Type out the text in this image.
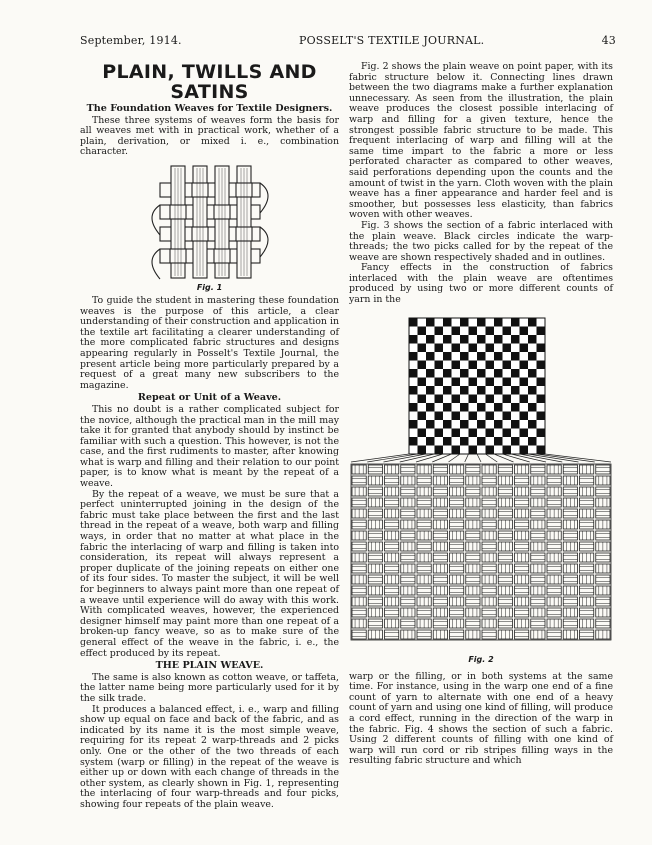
September, 1914.	POSSELT'S TEXTILE JOURNAL.	43
PLAIN, TWILLS AND SATINS
The Foundation Weaves for Textile Designers.

These three systems of weaves form the basis for all weaves met with in practical work, whether of a plain, derivation, or mixed i. e., combination character.

Fig. 1

To guide the student in mastering these foundation weaves is the purpose of this article, a clear understanding of their construction and application in the textile art facilitating a clearer understanding of the more complicated fabric structures and designs appearing regularly in Posselt's Textile Journal, the present article being more particularly prepared by a request of a great many new subscribers to the magazine.

Repeat or Unit of a Weave.

This no doubt is a rather complicated subject for the novice, although the practical man in the mill may take it for granted that anybody should by instinct be familiar with such a question. This however, is not the case, and the first rudiments to master, after knowing what is warp and filling and their relation to our point paper, is to know what is meant by the repeat of a weave.

By the repeat of a weave, we must be sure that a perfect uninterrupted joining in the design of the fabric must take place between the first and the last thread in the repeat of a weave, both warp and filling ways, in order that no matter at what place in the fabric the interlacing of warp and filling is taken into consideration, its repeat will always represent a proper duplicate of the joining repeats on either one of its four sides. To master the subject, it will be well for beginners to always paint more than one repeat of a weave until experience will do away with this work. With complicated weaves, however, the experienced designer himself may paint more than one repeat of a broken-up fancy weave, so as to make sure of the general effect of the weave in the fabric, i. e., the effect produced by its repeat.

THE PLAIN WEAVE.

The same is also known as cotton weave, or taffeta, the latter name being more particularly used for it by the silk trade.

It produces a balanced effect, i. e., warp and filling show up equal on face and back of the fabric, and as indicated by its name it is the most simple weave, requiring for its repeat 2 warp-threads and 2 picks only. One or the other of the two threads of each system (warp or filling) in the repeat of the weave is either up or down with each change of threads in the other system, as clearly shown in Fig. 1, representing the interlacing of four warp-threads and four picks, showing four repeats of the plain weave.

Fig. 2 shows the plain weave on point paper, with its fabric structure below it. Connecting lines drawn between the two diagrams make a further explanation unnecessary. As seen from the illustration, the plain weave produces the closest possible interlacing of warp and filling for a given texture, hence the strongest possible fabric structure to be made. This frequent interlacing of warp and filling will at the same time impart to the fabric a more or less perforated character as compared to other weaves, said perforations depending upon the counts and the amount of twist in the yarn. Cloth woven with the plain weave has a finer appearance and harder feel and is smoother, but possesses less elasticity, than fabrics woven with other weaves.

Fig. 3 shows the section of a fabric interlaced with the plain weave. Black circles indicate the warp-threads; the two picks called for by the repeat of the weave are shown respectively shaded and in outlines.

Fancy effects in the construction of fabrics interlaced with the plain weave are oftentimes produced by using two or more different counts of yarn in the

Fig. 2

warp or the filling, or in both systems at the same time. For instance, using in the warp one end of a fine count of yarn to alternate with one end of a heavy count of yarn and using one kind of filling, will produce a cord effect, running in the direction of the warp in the fabric. Fig. 4 shows the section of such a fabric. Using 2 different counts of filling with one kind of warp will run cord or rib stripes filling ways in the resulting fabric structure and which
